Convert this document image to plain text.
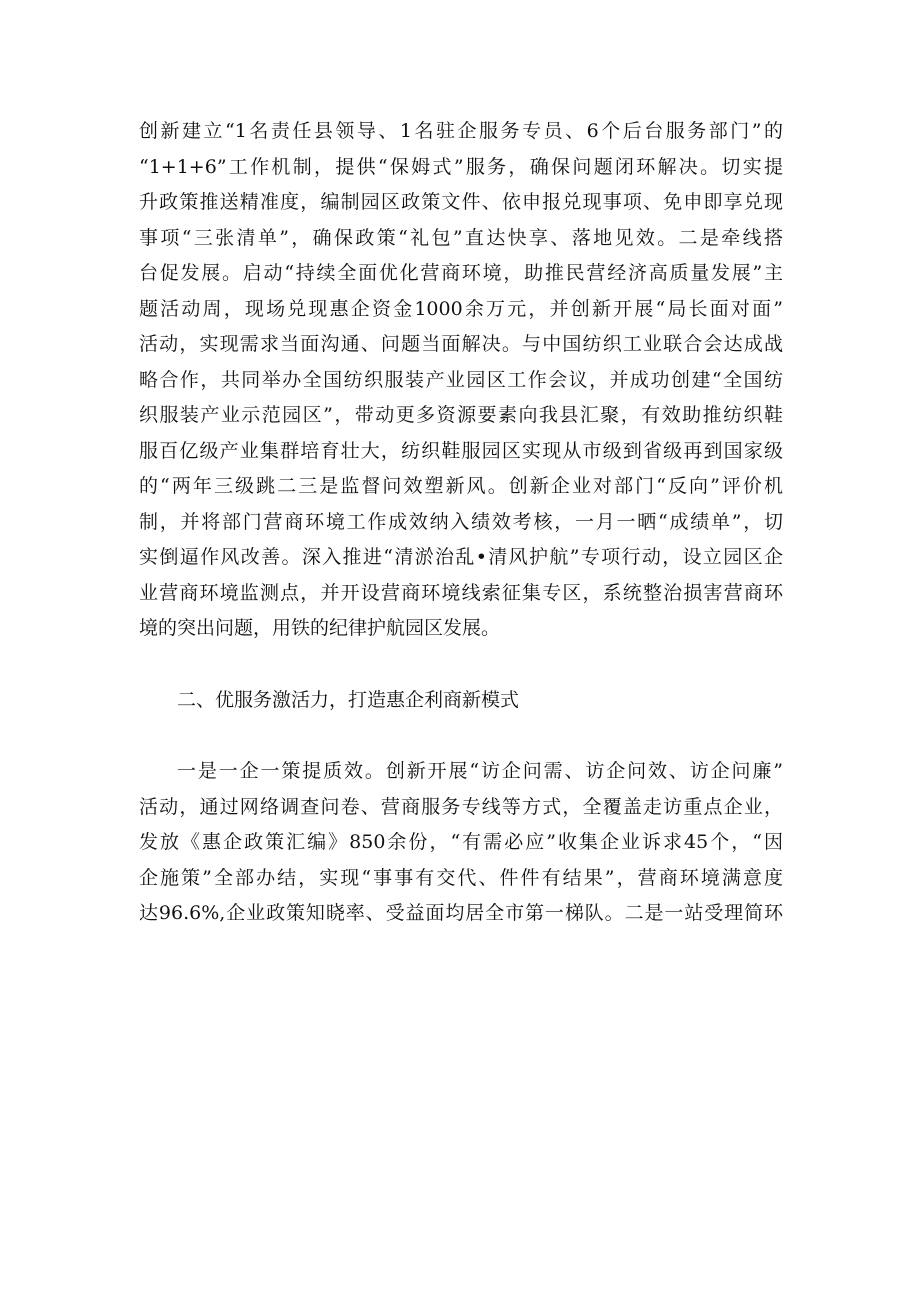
创新建立“1名责任县领导、1名驻企服务专员、6个后台服务部门”的
“1+1+6”工作机制，提供“保姆式”服务，确保问题闭环解决。切实提
升政策推送精准度，编制园区政策文件、依申报兑现事项、免申即享兑现
事项“三张清单”，确保政策“礼包”直达快享、落地见效。二是牵线搭
台促发展。启动“持续全面优化营商环境，助推民营经济高质量发展”主
题活动周，现场兑现惠企资金1000余万元，并创新开展“局长面对面”
活动，实现需求当面沟通、问题当面解决。与中国纺织工业联合会达成战
略合作，共同举办全国纺织服装产业园区工作会议，并成功创建“全国纺
织服装产业示范园区”，带动更多资源要素向我县汇聚，有效助推纺织鞋
服百亿级产业集群培育壮大，纺织鞋服园区实现从市级到省级再到国家级
的“两年三级跳二三是监督问效塑新风。创新企业对部门“反向”评价机
制，并将部门营商环境工作成效纳入绩效考核，一月一晒“成绩单”，切
实倒逼作风改善。深入推进“清淤治乱•清风护航”专项行动，设立园区企
业营商环境监测点，并开设营商环境线索征集专区，系统整治损害营商环
境的突出问题，用铁的纪律护航园区发展。
二、优服务激活力，打造惠企利商新模式
一是一企一策提质效。创新开展“访企问需、访企问效、访企问廉”
活动，通过网络调查问卷、营商服务专线等方式，全覆盖走访重点企业，
发放《惠企政策汇编》850余份，“有需必应”收集企业诉求45个，“因
企施策”全部办结，实现“事事有交代、件件有结果”，营商环境满意度
达96.6%,企业政策知晓率、受益面均居全市第一梯队。二是一站受理简环
